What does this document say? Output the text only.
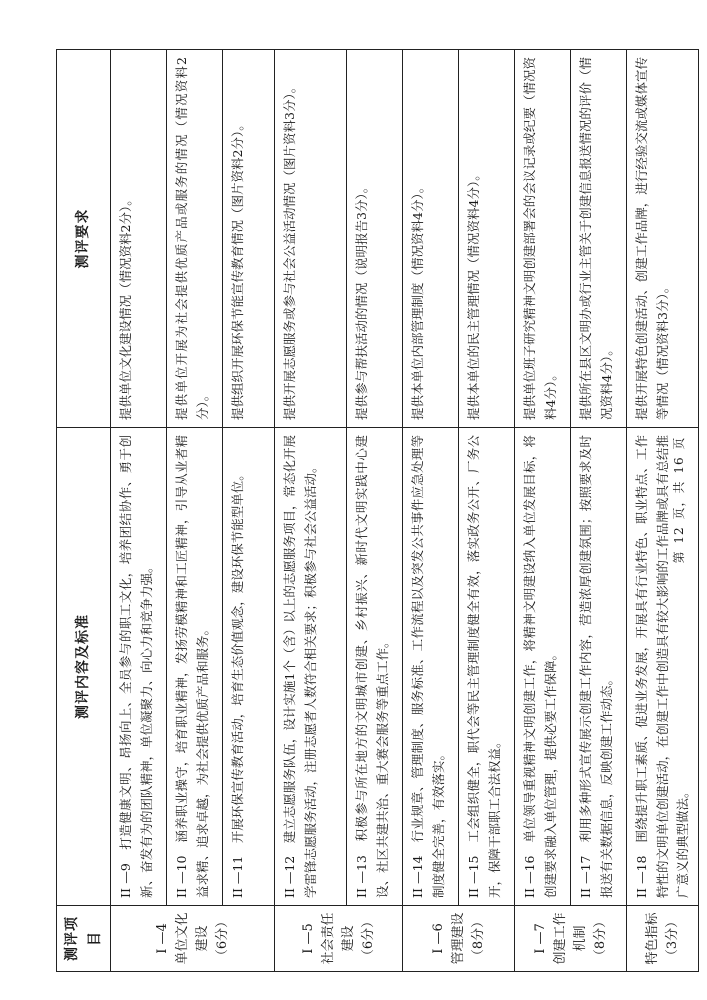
测评项目	测评内容及标准	测评要求

I —4 单位文化 建设 （6分）	II —9　打造健康文明、昂扬向上、全员参与的职工文化，培养团结协作、勇于创新、奋发有为的团队精神，单位凝聚力、向心力和竞争力强。	提供单位文化建设情况（情况资料2分）。
	II —10　涵养职业操守，培育职业精神，发扬劳模精神和工匠精神，引导从业者精益求精、追求卓越，为社会提供优质产品和服务。	提供单位开展为社会提供优质产品或服务的情况（情况资料2分）。
	II —11　开展环保宣传教育活动，培育生态价值观念，建设环保节能型单位。	提供组织开展环保节能宣传教育情况（图片资料2分）。

I —5 社会责任 建设 （6分）	II —12　建立志愿服务队伍，设计实施1个（含）以上的志愿服务项目，常态化开展学雷锋志愿服务活动，注册志愿者人数符合相关要求；积极参与社会公益活动。	提供开展志愿服务或参与社会公益活动情况（图片资料3分）。
	II —13　积极参与所在地方的文明城市创建、乡村振兴、新时代文明实践中心建设、社区共建共治、重大赛会服务等重点工作。	提供参与帮扶活动的情况（说明报告3分）。

I —6 管理建设 （8分）	II —14　行业规章、管理制度、服务标准、工作流程以及突发公共事件应急处理等制度健全完善，有效落实。	提供本单位内部管理制度（情况资料4分）。
	II —15　工会组织健全，职代会等民主管理制度健全有效，落实政务公开、厂务公开，保障干部职工合法权益。	提供本单位的民主管理情况（情况资料4分）。

I —7 创建工作 机制 （8分）	II —16　单位领导重视精神文明创建工作，将精神文明建设纳入单位发展目标，将创建要求融入单位管理，提供必要工作保障。	提供单位班子研究精神文明创建部署会的会议记录或纪要（情况资料4分）。
	II —17　利用多种形式宣传展示创建工作内容，营造浓厚创建氛围；按照要求及时报送有关数据信息，反映创建工作动态。	提供所在县区文明办或行业主管关于创建信息报送情况的评价（情况资料4分）。

特色指标 （3分）	II —18　围绕提升职工素质、促进业务发展，开展具有行业特色、职业特点、工作特性的文明单位创建活动，在创建工作中创造具有较大影响的工作品牌或具有总结推广意义的典型做法。	提供开展特色创建活动、创建工作品牌，进行经验交流或媒体宣传等情况（情况资料3分）。
第 12 页，共 16 页
